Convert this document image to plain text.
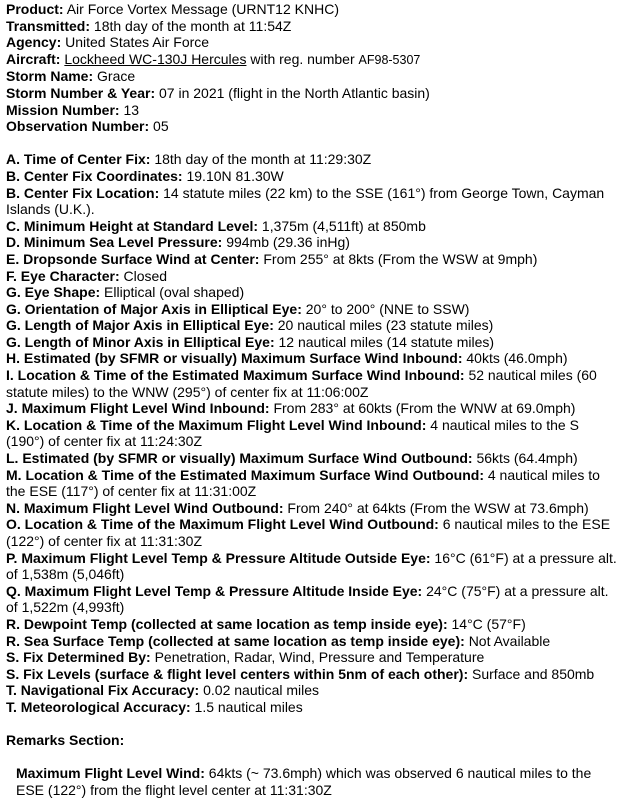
Product: Air Force Vortex Message (URNT12 KNHC)

Transmitted: 18th day of the month at 11:54Z

Agency: United States Air Force

Aircraft: Lockheed WC-130J Hercules with reg. number AF98-5307

Storm Name: Grace

Storm Number & Year: 07 in 2021 (flight in the North Atlantic basin)

Mission Number: 13

Observation Number: 05

A. Time of Center Fix: 18th day of the month at 11:29:30Z

B. Center Fix Coordinates: 19.10N 81.30W

B. Center Fix Location: 14 statute miles (22 km) to the SSE (161°) from George Town, Cayman Islands (U.K.).

C. Minimum Height at Standard Level: 1,375m (4,511ft) at 850mb

D. Minimum Sea Level Pressure: 994mb (29.36 inHg)

E. Dropsonde Surface Wind at Center: From 255° at 8kts (From the WSW at 9mph)

F. Eye Character: Closed

G. Eye Shape: Elliptical (oval shaped)

G. Orientation of Major Axis in Elliptical Eye: 20° to 200° (NNE to SSW)

G. Length of Major Axis in Elliptical Eye: 20 nautical miles (23 statute miles)

G. Length of Minor Axis in Elliptical Eye: 12 nautical miles (14 statute miles)

H. Estimated (by SFMR or visually) Maximum Surface Wind Inbound: 40kts (46.0mph)

I. Location & Time of the Estimated Maximum Surface Wind Inbound: 52 nautical miles (60 statute miles) to the WNW (295°) of center fix at 11:06:00Z

J. Maximum Flight Level Wind Inbound: From 283° at 60kts (From the WNW at 69.0mph)

K. Location & Time of the Maximum Flight Level Wind Inbound: 4 nautical miles to the S (190°) of center fix at 11:24:30Z

L. Estimated (by SFMR or visually) Maximum Surface Wind Outbound: 56kts (64.4mph)

M. Location & Time of the Estimated Maximum Surface Wind Outbound: 4 nautical miles to the ESE (117°) of center fix at 11:31:00Z

N. Maximum Flight Level Wind Outbound: From 240° at 64kts (From the WSW at 73.6mph)

O. Location & Time of the Maximum Flight Level Wind Outbound: 6 nautical miles to the ESE (122°) of center fix at 11:31:30Z

P. Maximum Flight Level Temp & Pressure Altitude Outside Eye: 16°C (61°F) at a pressure alt. of 1,538m (5,046ft)

Q. Maximum Flight Level Temp & Pressure Altitude Inside Eye: 24°C (75°F) at a pressure alt. of 1,522m (4,993ft)

R. Dewpoint Temp (collected at same location as temp inside eye): 14°C (57°F)

R. Sea Surface Temp (collected at same location as temp inside eye): Not Available

S. Fix Determined By: Penetration, Radar, Wind, Pressure and Temperature

S. Fix Levels (surface & flight level centers within 5nm of each other): Surface and 850mb

T. Navigational Fix Accuracy: 0.02 nautical miles

T. Meteorological Accuracy: 1.5 nautical miles

Remarks Section:

Maximum Flight Level Wind: 64kts (~ 73.6mph) which was observed 6 nautical miles to the ESE (122°) from the flight level center at 11:31:30Z
